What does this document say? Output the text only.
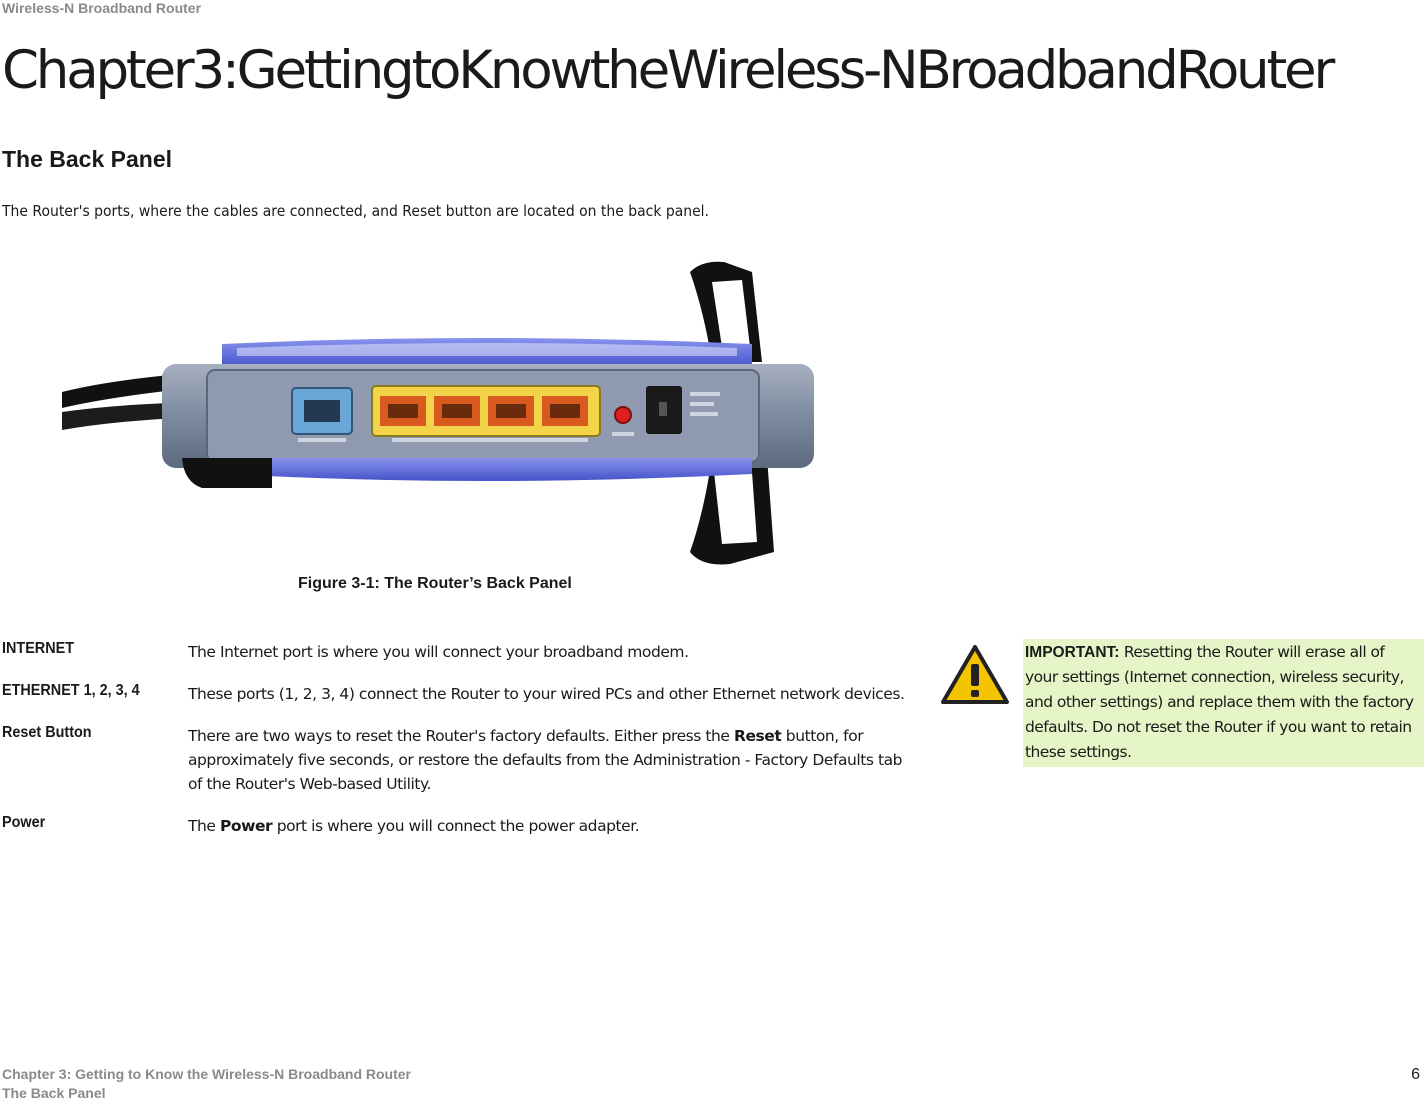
Wireless-N Broadband Router
Chapter3:GettingtoKnowtheWireless-NBroadbandRouter
The Back Panel
The Router's ports, where the cables are connected, and Reset button are located on the back panel.
Figure 3-1: The Router’s Back Panel
INTERNET	The Internet port is where you will connect your broadband modem.
ETHERNET 1, 2, 3, 4	These ports (1, 2, 3, 4) connect the Router to your wired PCs and other Ethernet network devices.
Reset Button	There are two ways to reset the Router's factory defaults. Either press the Reset button, for approximately five seconds, or restore the defaults from the Administration - Factory Defaults tab of the Router's Web-based Utility.
Power	The Power port is where you will connect the power adapter.
IMPORTANT: Resetting the Router will erase all of your settings (Internet connection, wireless security, and other settings) and replace them with the factory defaults. Do not reset the Router if you want to retain these settings.
Chapter 3: Getting to Know the Wireless-N Broadband Router
The Back Panel
6
